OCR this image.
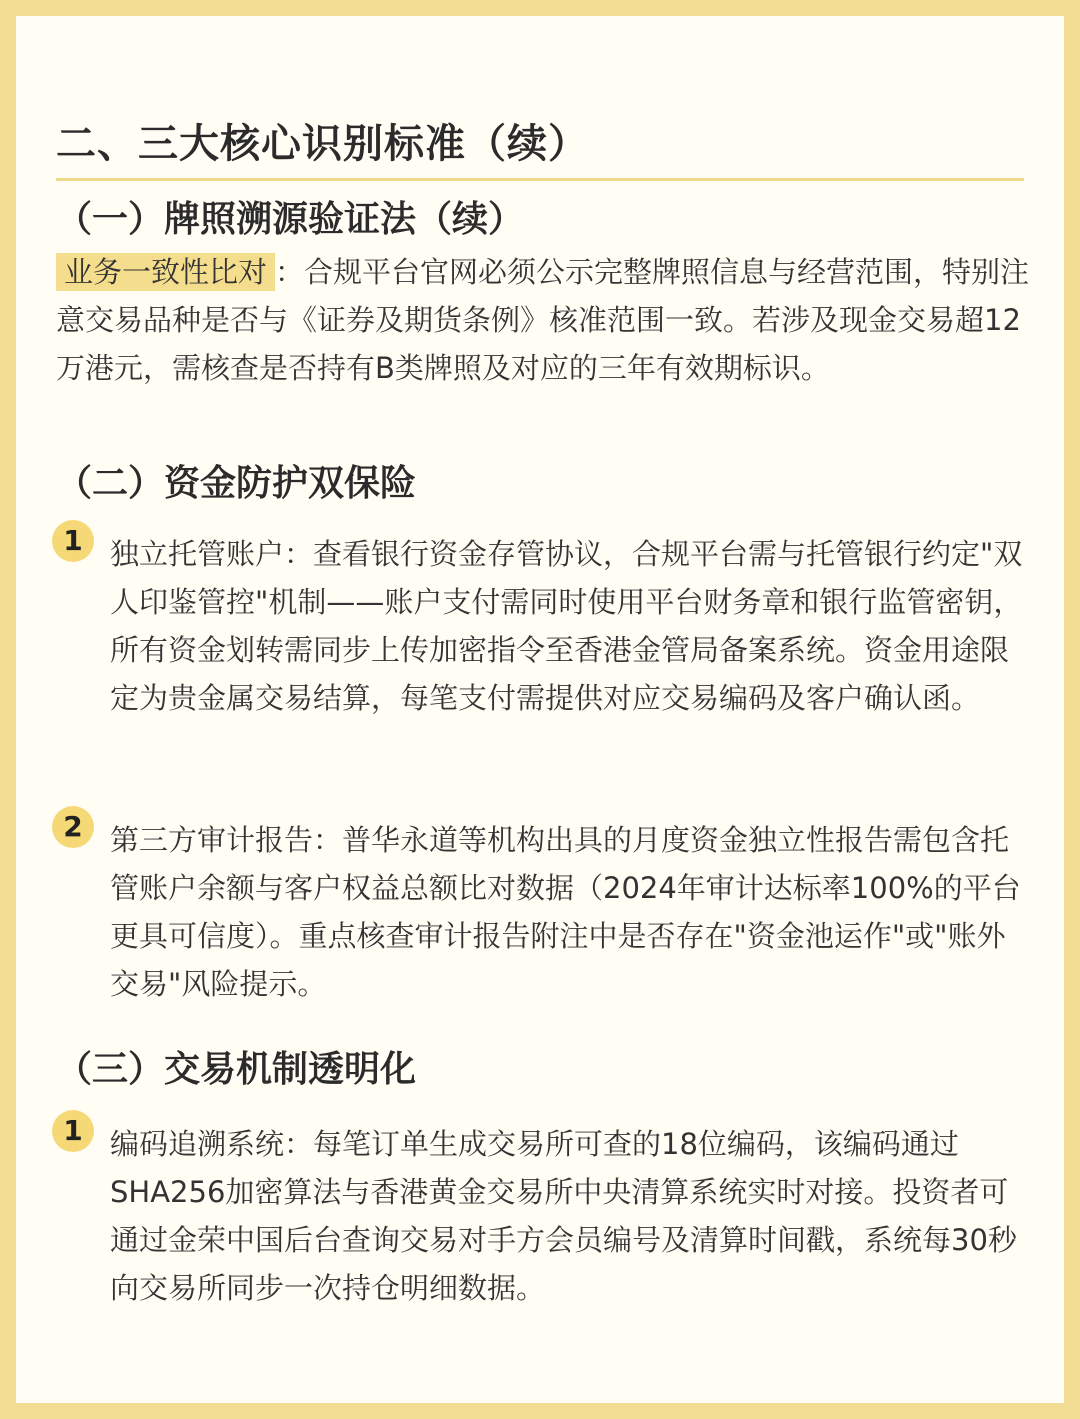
二、三大核心识别标准（续）
（一）牌照溯源验证法（续）
业务一致性比对 ：合规平台官网必须公示完整牌照信息与经营范围，特别注意交易品种是否与《证券及期货条例》核准范围一致。若涉及现金交易超12万港元，需核查是否持有B类牌照及对应的三年有效期标识。
（二）资金防护双保险
1 独立托管账户：查看银行资金存管协议，合规平台需与托管银行约定"双人印鉴管控"机制——账户支付需同时使用平台财务章和银行监管密钥，所有资金划转需同步上传加密指令至香港金管局备案系统。资金用途限定为贵金属交易结算，每笔支付需提供对应交易编码及客户确认函。
2 第三方审计报告：普华永道等机构出具的月度资金独立性报告需包含托管账户余额与客户权益总额比对数据（2024年审计达标率100%的平台更具可信度）。重点核查审计报告附注中是否存在"资金池运作"或"账外交易"风险提示。
（三）交易机制透明化
1 编码追溯系统：每笔订单生成交易所可查的18位编码，该编码通过SHA256加密算法与香港黄金交易所中央清算系统实时对接。投资者可通过金荣中国后台查询交易对手方会员编号及清算时间戳，系统每30秒向交易所同步一次持仓明细数据。
